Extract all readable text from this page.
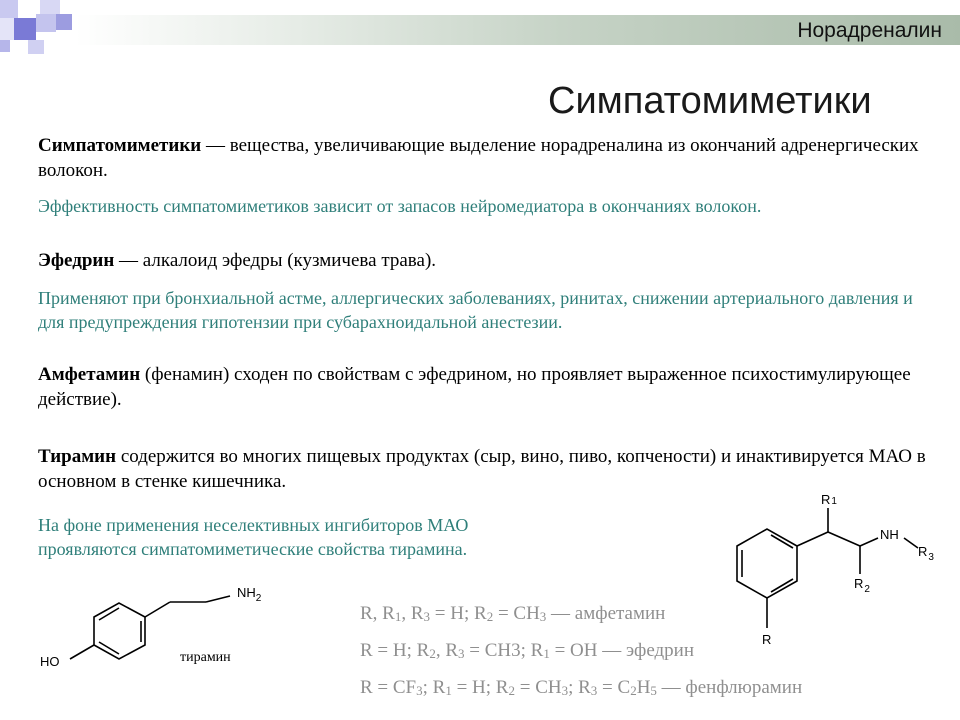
Норадреналин
Симпатомиметики

Симпатомиметики — вещества, увеличивающие выделение норадреналина из окончаний адренергических волокон.

Эффективность симпатомиметиков зависит от запасов нейромедиатора в окончаниях волокон.

Эфедрин — алкалоид эфедры (кузмичева трава).

Применяют при бронхиальной астме, аллергических заболеваниях, ринитах, снижении артериального давления и для предупреждения гипотензии при субарахноидальной анестезии.

Амфетамин (фенамин) сходен по свойствам с эфедрином, но проявляет выраженное психостимулирующее действие).

Тирамин содержится во многих пищевых продуктах (сыр, вино, пиво, копчености) и инактивируется МАО в основном в стенке кишечника.

На фоне применения неселективных ингибиторов МАО проявляются симпатомиметические свойства тирамина.

HO
$NH_2$
тирамин
R1
NH
$R_3$
$R_2$
R
R, $R_1$, $R_3 = H$; $R_2 = CH_3$ — амфетамин
R = H; $R_2$, $R_3 = CH3$; $R_1$ = OH — эфедрин
$R = CF_3$; $R_1 = H$; $R_2 = CH_3$; $R_3 = C_2H_5$ — фенфлюрамин
